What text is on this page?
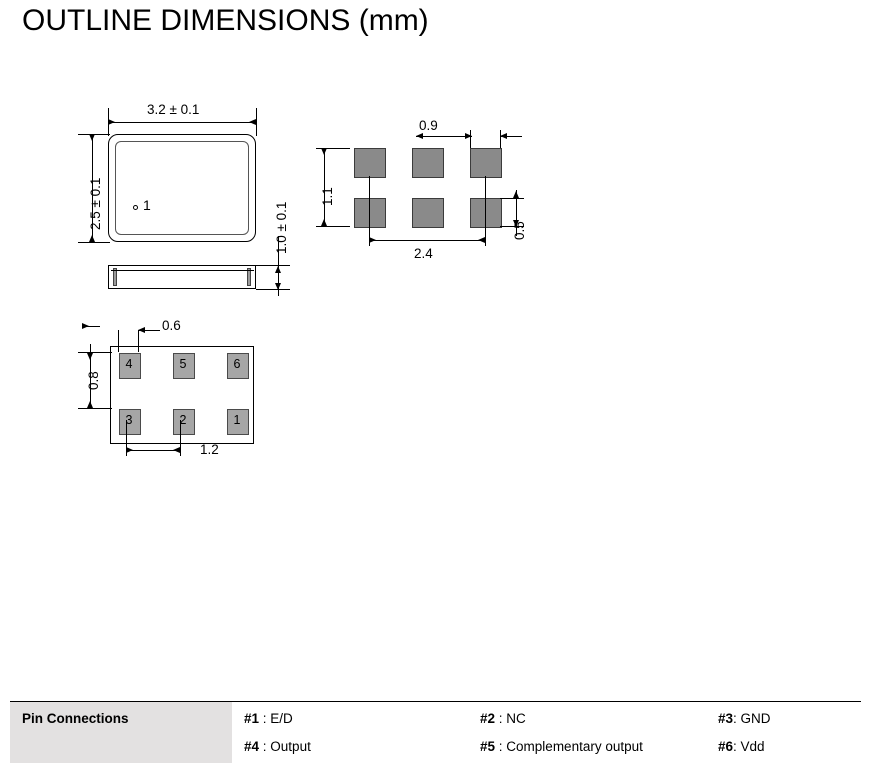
OUTLINE DIMENSIONS (mm)
1
3.2 ± 0.1
2.5 ± 0.1	1.0 ± 0.1
0.9
1.1
0.5
2.4
4	5	6
3	2	1
0.6
0.8
1.2
Pin Connections	#1 : E/D	#2 : NC	#3: GND
#4 : Output	#5 : Complementary output	#6: Vdd
